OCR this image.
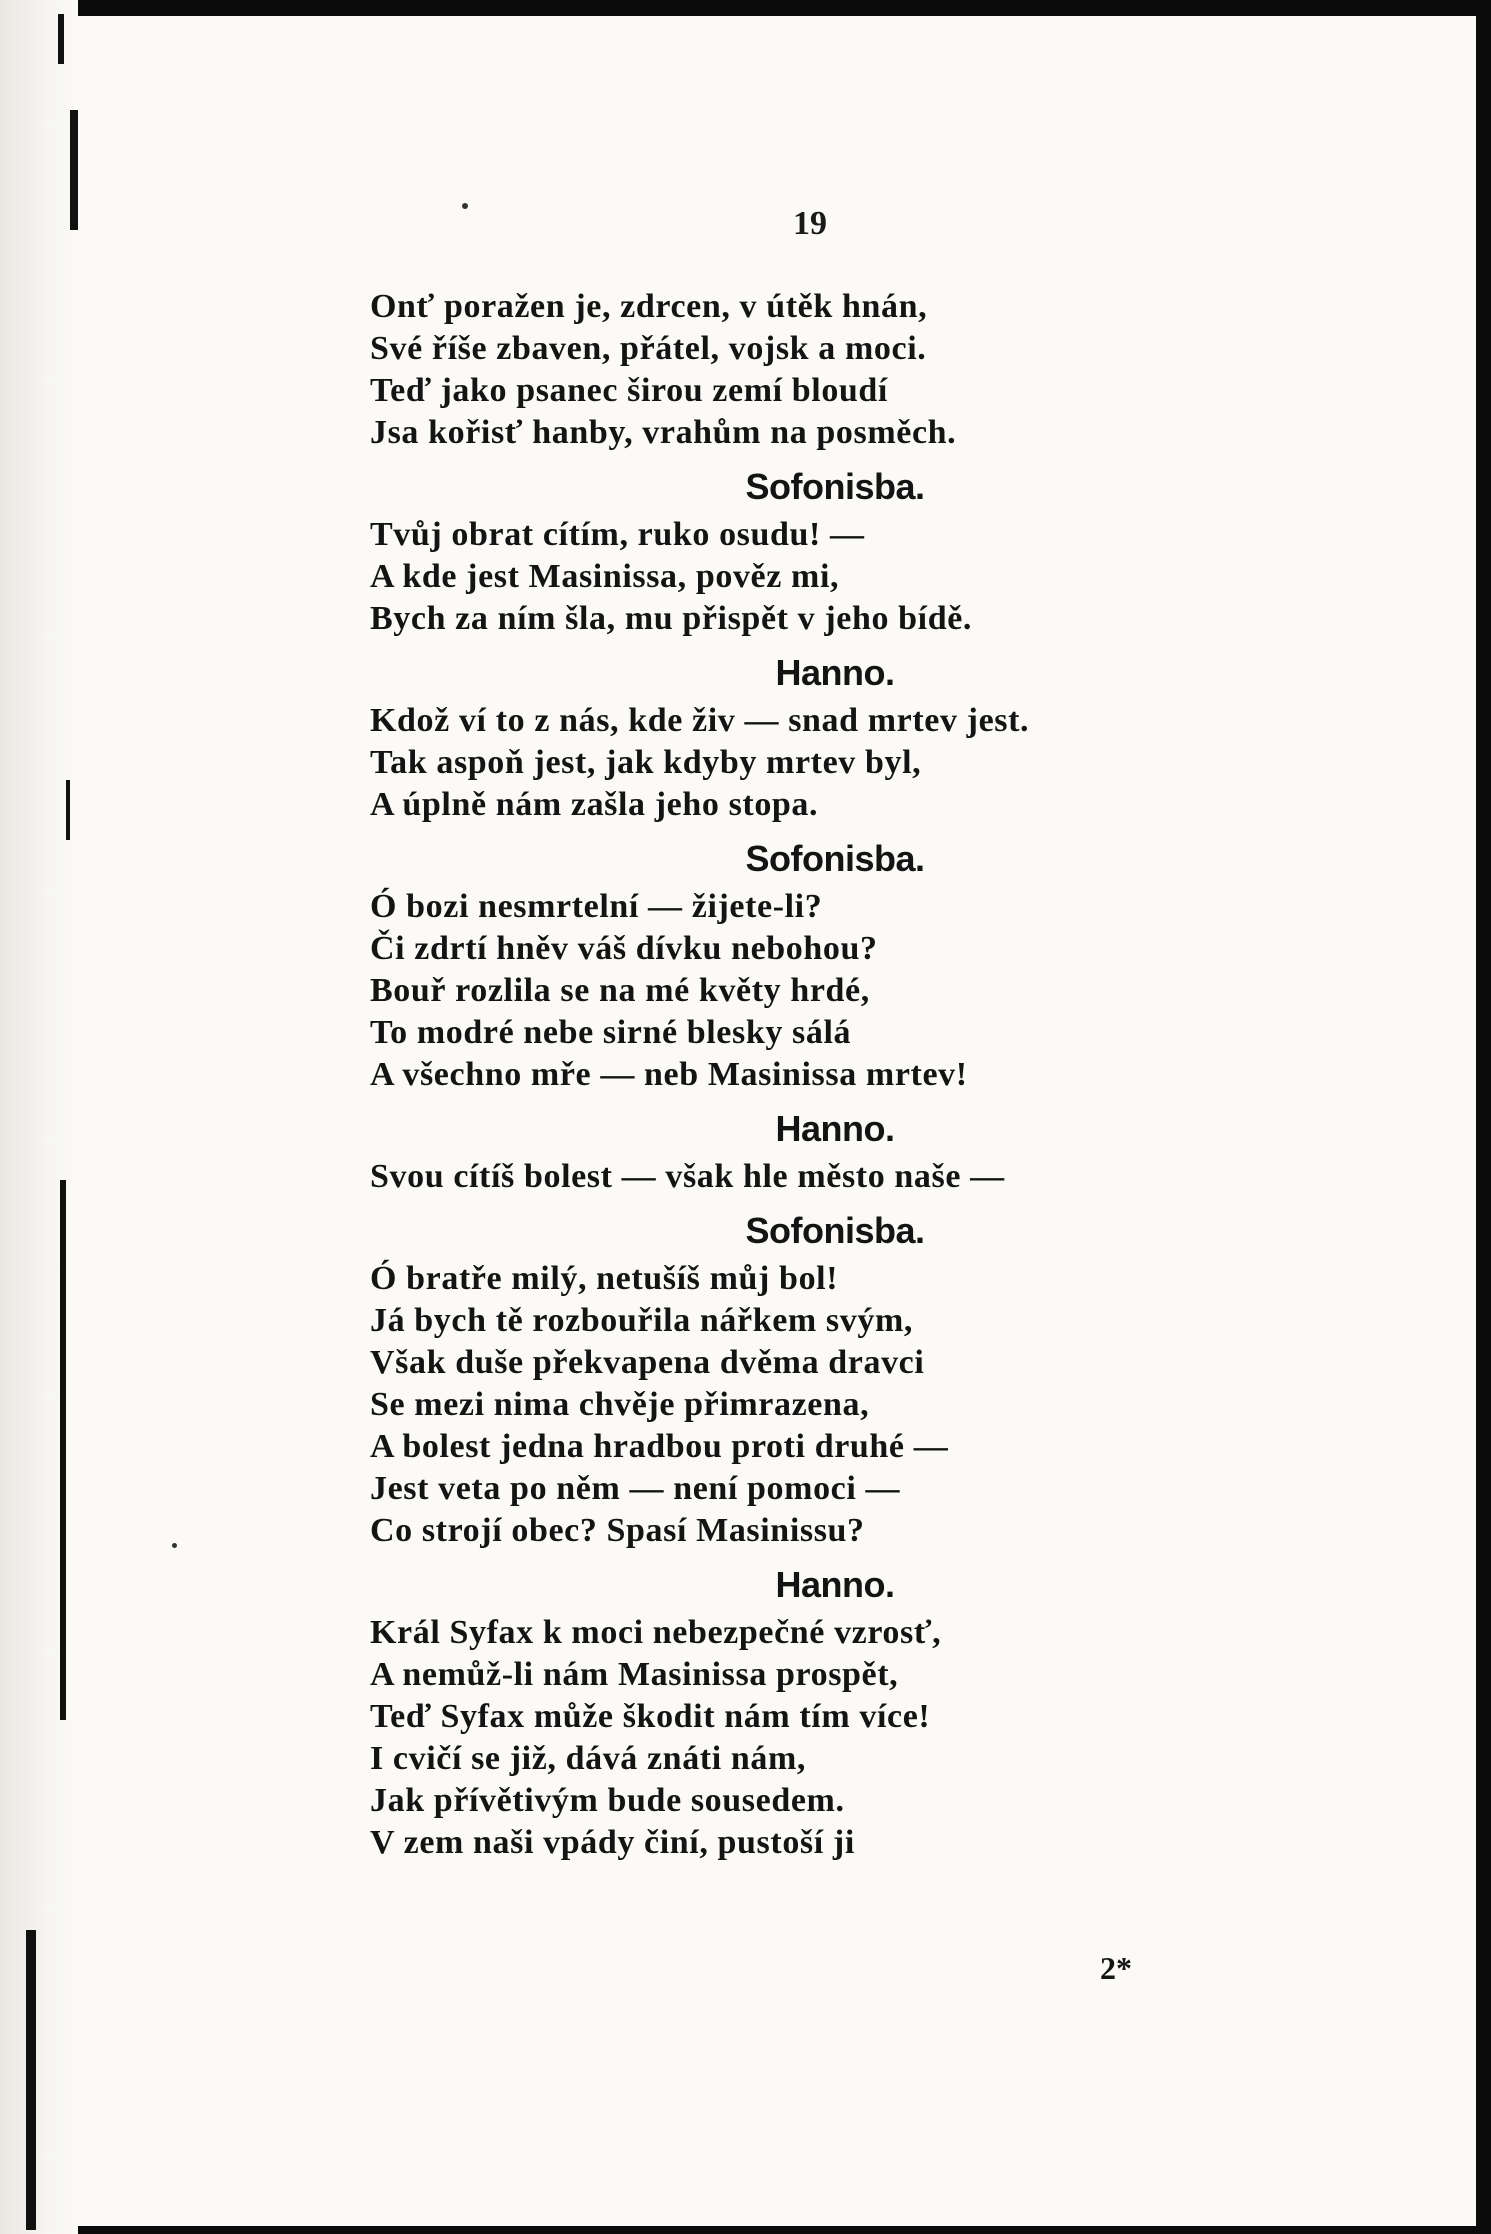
19
Onť poražen je, zdrcen, v útěk hnán,
Své říše zbaven, přátel, vojsk a moci.
Teď jako psanec širou zemí bloudí
Jsa kořisť hanby, vrahům na posměch.
Sofonisba.
Tvůj obrat cítím, ruko osudu! —
A kde jest Masinissa, pověz mi,
Bych za ním šla, mu přispět v jeho bídě.
Hanno.
Kdož ví to z nás, kde živ — snad mrtev jest.
Tak aspoň jest, jak kdyby mrtev byl,
A úplně nám zašla jeho stopa.
Sofonisba.
Ó bozi nesmrtelní — žijete-li?
Či zdrtí hněv váš dívku nebohou?
Bouř rozlila se na mé květy hrdé,
To modré nebe sirné blesky sálá
A všechno mře — neb Masinissa mrtev!
Hanno.
Svou cítíš bolest — však hle město naše —
Sofonisba.
Ó bratře milý, netušíš můj bol!
Já bych tě rozbouřila nářkem svým,
Však duše překvapena dvěma dravci
Se mezi nima chvěje přimrazena,
A bolest jedna hradbou proti druhé —
Jest veta po něm — není pomoci —
Co strojí obec? Spasí Masinissu?
Hanno.
Král Syfax k moci nebezpečné vzrosť,
A nemůž-li nám Masinissa prospět,
Teď Syfax může škodit nám tím více!
I cvičí se již, dává znáti nám,
Jak přívětivým bude sousedem.
V zem naši vpády činí, pustoší ji
2*
